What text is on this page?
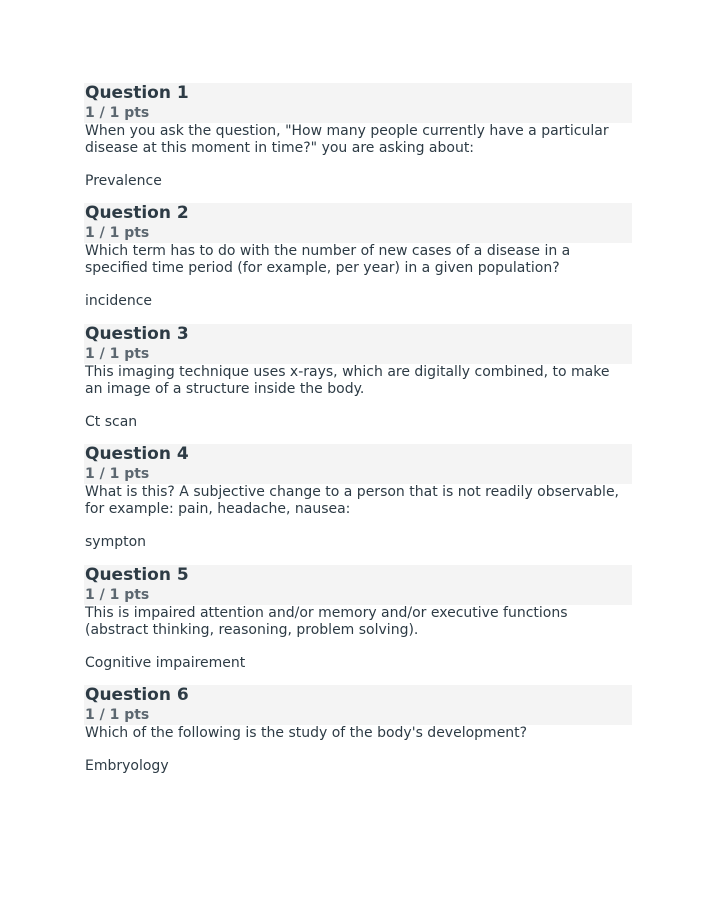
Question 1
1 / 1 pts

When you ask the question, "How many people currently have a particular disease at this moment in time?" you are asking about:

Prevalence
Question 2
1 / 1 pts

Which term has to do with the number of new cases of a disease in a specified time period (for example, per year) in a given population?

incidence
Question 3
1 / 1 pts

This imaging technique uses x-rays, which are digitally combined, to make an image of a structure inside the body.

Ct scan
Question 4
1 / 1 pts

What is this? A subjective change to a person that is not readily observable, for example: pain, headache, nausea:

sympton
Question 5
1 / 1 pts

This is impaired attention and/or memory and/or executive functions (abstract thinking, reasoning, problem solving).

Cognitive impairement
Question 6
1 / 1 pts

Which of the following is the study of the body's development?

Embryology
